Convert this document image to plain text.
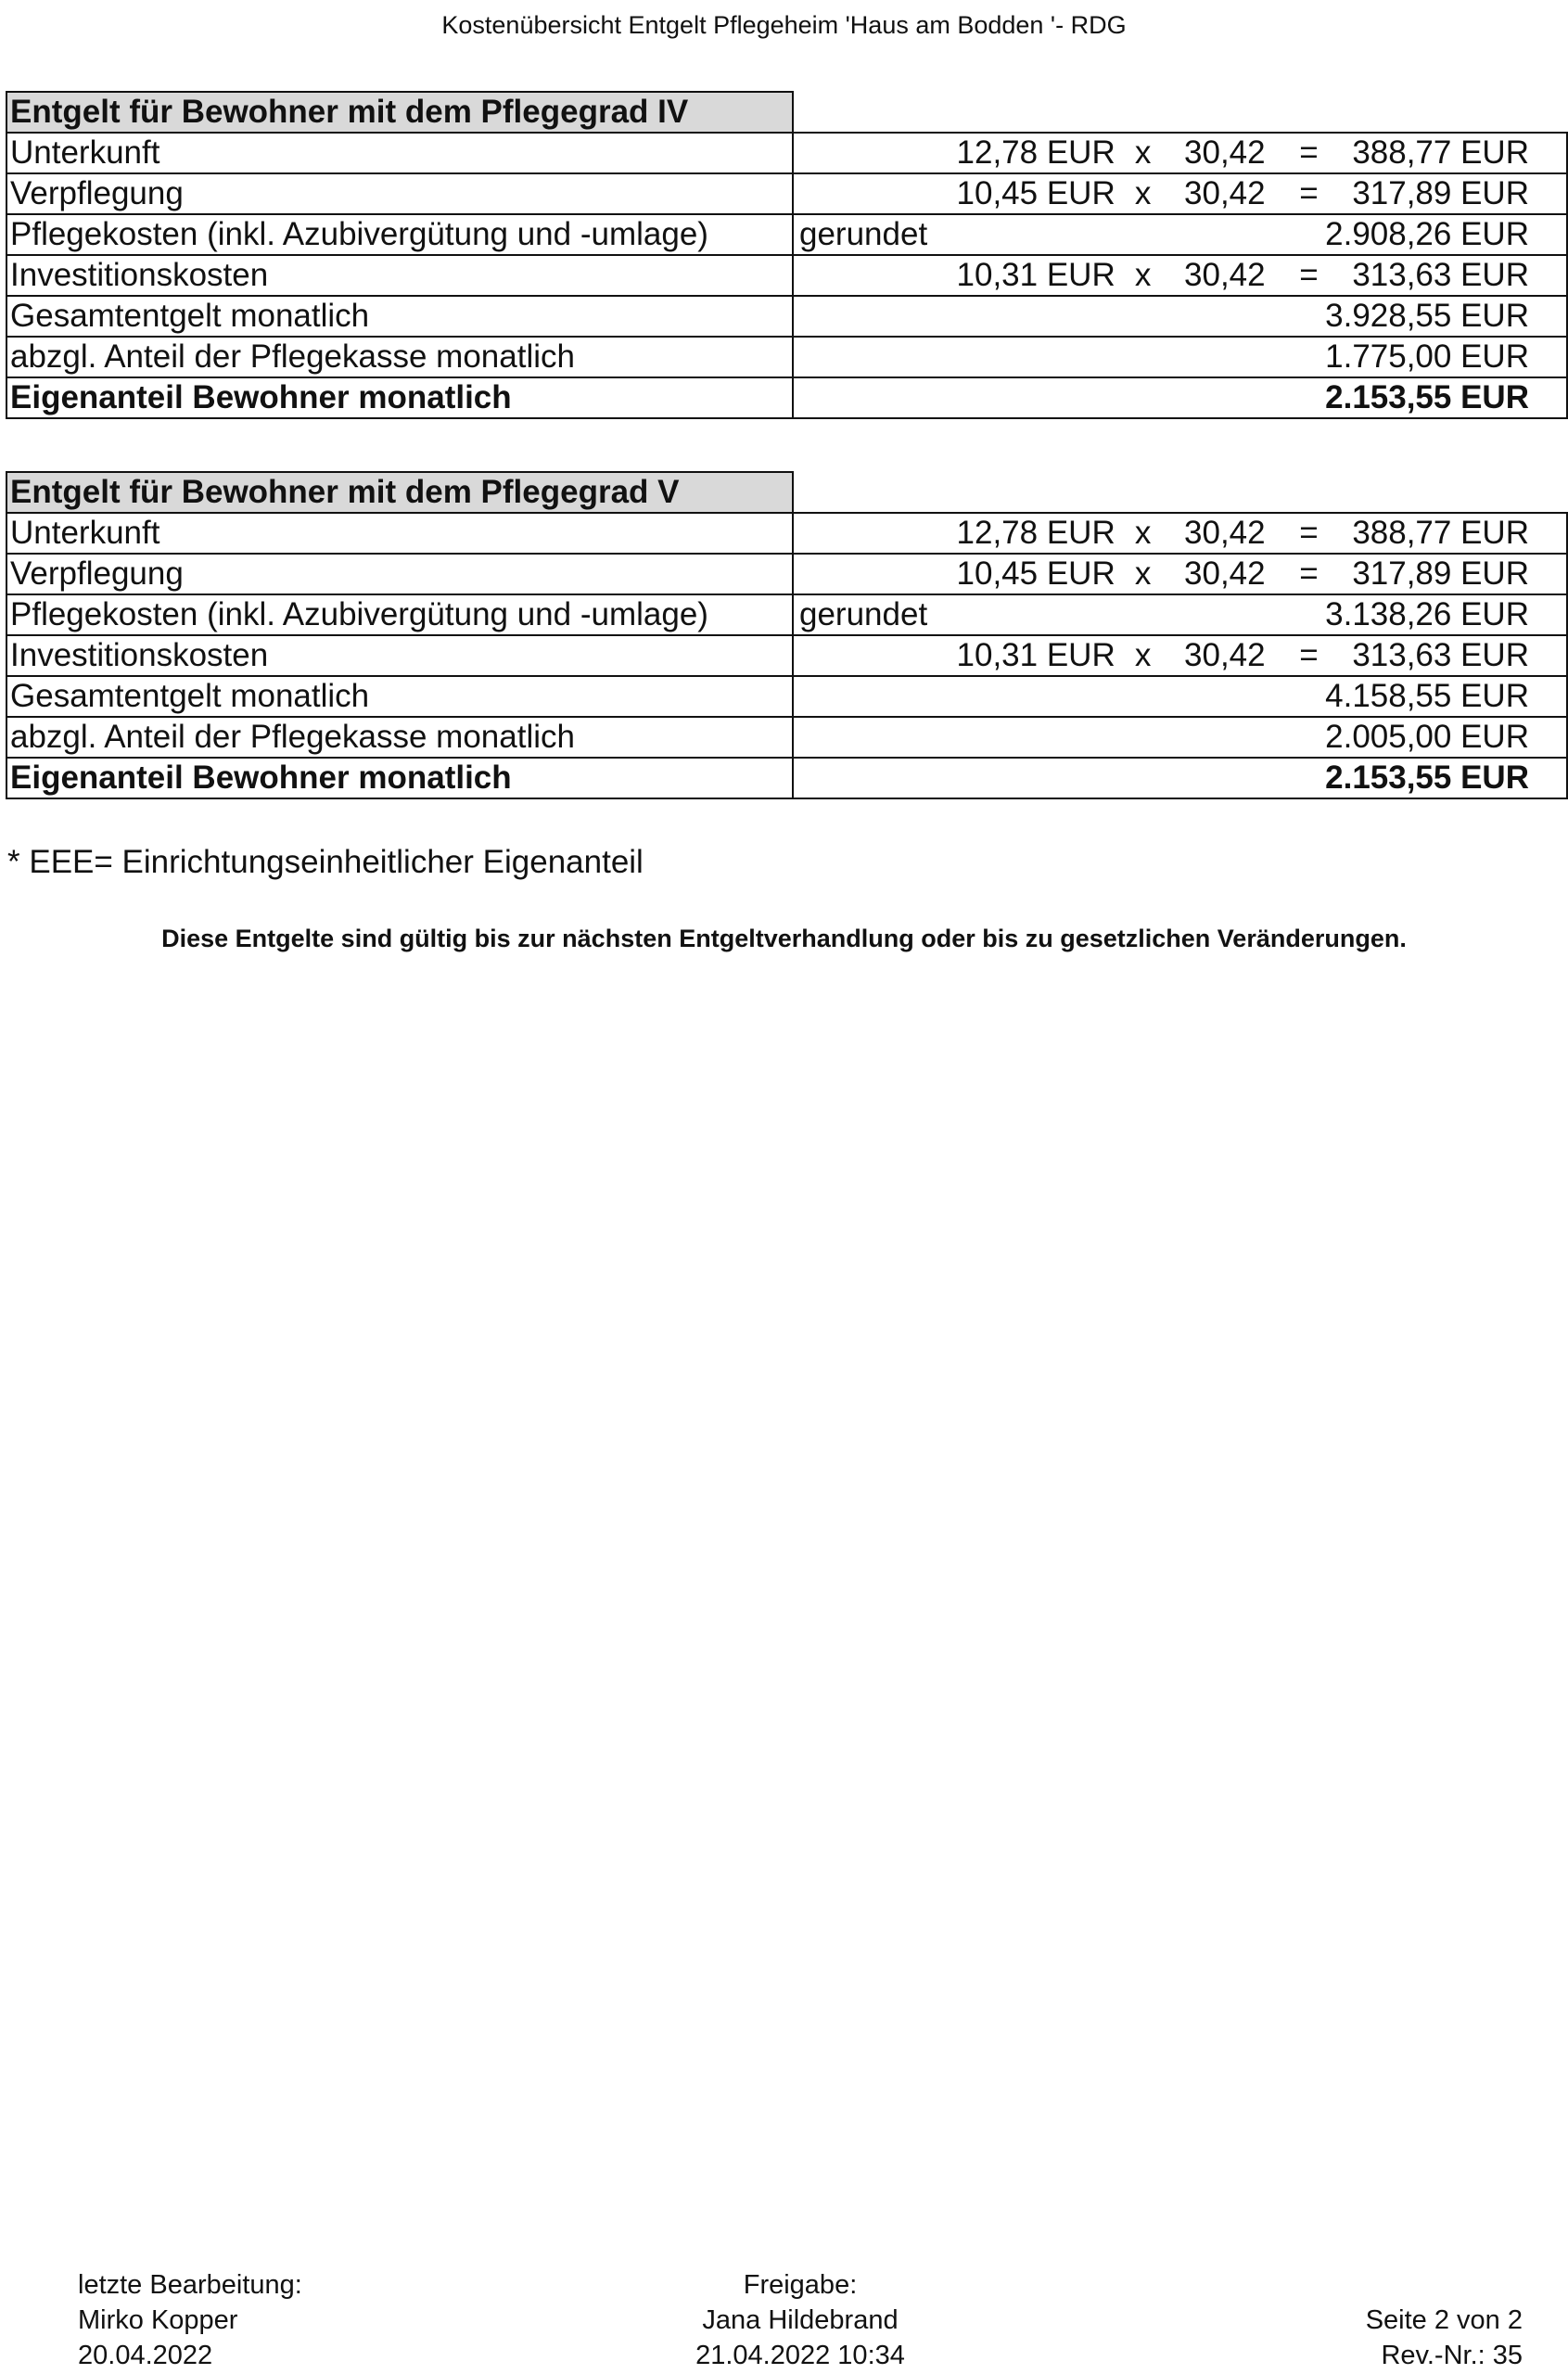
Kostenübersicht Entgelt Pflegeheim 'Haus am Bodden '- RDG
Entgelt für Bewohner mit dem Pflegegrad IV	
Unterkunft	12,78 EUR x 30,42 = 388,77 EUR

Verpflegung	10,45 EUR x 30,42 = 317,89 EUR

Pflegekosten (inkl. Azubivergütung und -umlage)	gerundet 2.908,26 EUR

Investitionskosten	10,31 EUR x 30,42 = 313,63 EUR

Gesamtentgelt monatlich	3.928,55 EUR

abzgl. Anteil der Pflegekasse monatlich	1.775,00 EUR

Eigenanteil Bewohner monatlich	2.153,55 EUR
Entgelt für Bewohner mit dem Pflegegrad V	
Unterkunft	12,78 EUR x 30,42 = 388,77 EUR

Verpflegung	10,45 EUR x 30,42 = 317,89 EUR

Pflegekosten (inkl. Azubivergütung und -umlage)	gerundet 3.138,26 EUR

Investitionskosten	10,31 EUR x 30,42 = 313,63 EUR

Gesamtentgelt monatlich	4.158,55 EUR

abzgl. Anteil der Pflegekasse monatlich	2.005,00 EUR

Eigenanteil Bewohner monatlich	2.153,55 EUR
* EEE= Einrichtungseinheitlicher Eigenanteil
Diese Entgelte sind gültig bis zur nächsten Entgeltverhandlung oder bis zu gesetzlichen Veränderungen.
letzte Bearbeitung:
Mirko Kopper
20.04.2022
Freigabe:
Jana Hildebrand
21.04.2022 10:34

Seite 2 von 2
Rev.-Nr.: 35
